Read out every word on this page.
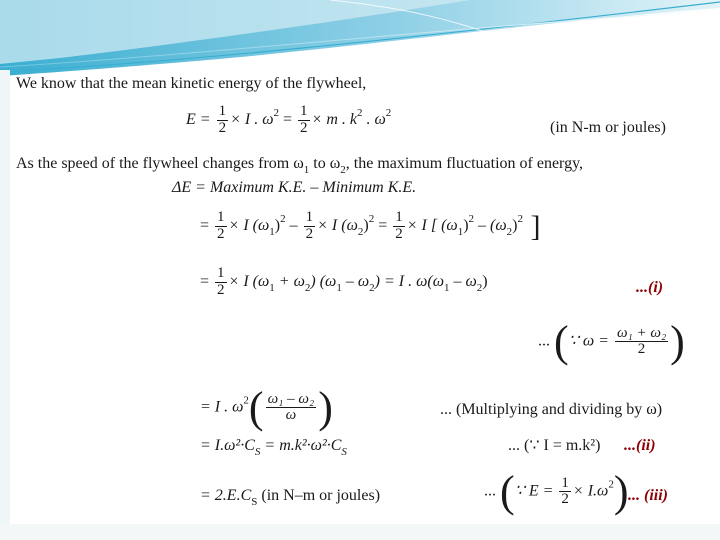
We know that the mean kinetic energy of the flywheel,
$E = \frac{1}{2} \times I$ . $\omega^2 = \frac{1}{2} \times m$ . $k^2$ . $\omega^2$
(in N-m or joules)
As the speed of the flywheel changes from $\omega_1$ to $\omega_2$, the maximum fluctuation of energy,
ΔE = Maximum K.E. – Minimum K.E.
= $\frac{1}{2} \times I$ $(\omega_1)^2 - \frac{1}{2} \times I$ $(\omega_2)^2 = \frac{1}{2} \times I$ [ $(\omega_1)^2 - (\omega_2)^2$ ]
= $\frac{1}{2} \times I$ $(\omega_1 + \omega_2)$ $(\omega_1 - \omega_2) = I$ . $\omega(\omega_1 - \omega_2)$	...(i)
... (∵ $\omega = \frac{\text{ω₁ + ω₂}}{2}$ )
= I . $\omega^2( \frac{\text{ω₁ – ω₂}}{\omega}$ )	... (Multiplying and dividing by ω)
= $I.\omega^2\cdot C_S = m.k^2\cdot\omega^2\cdot C_S$	... (∵ I = m.k²) ...(ii)
= $2.E.C_S$ (in N–m or joules)	... (∵ $E = \frac{1}{2} \times I.\omega^2$) ... (iii)
